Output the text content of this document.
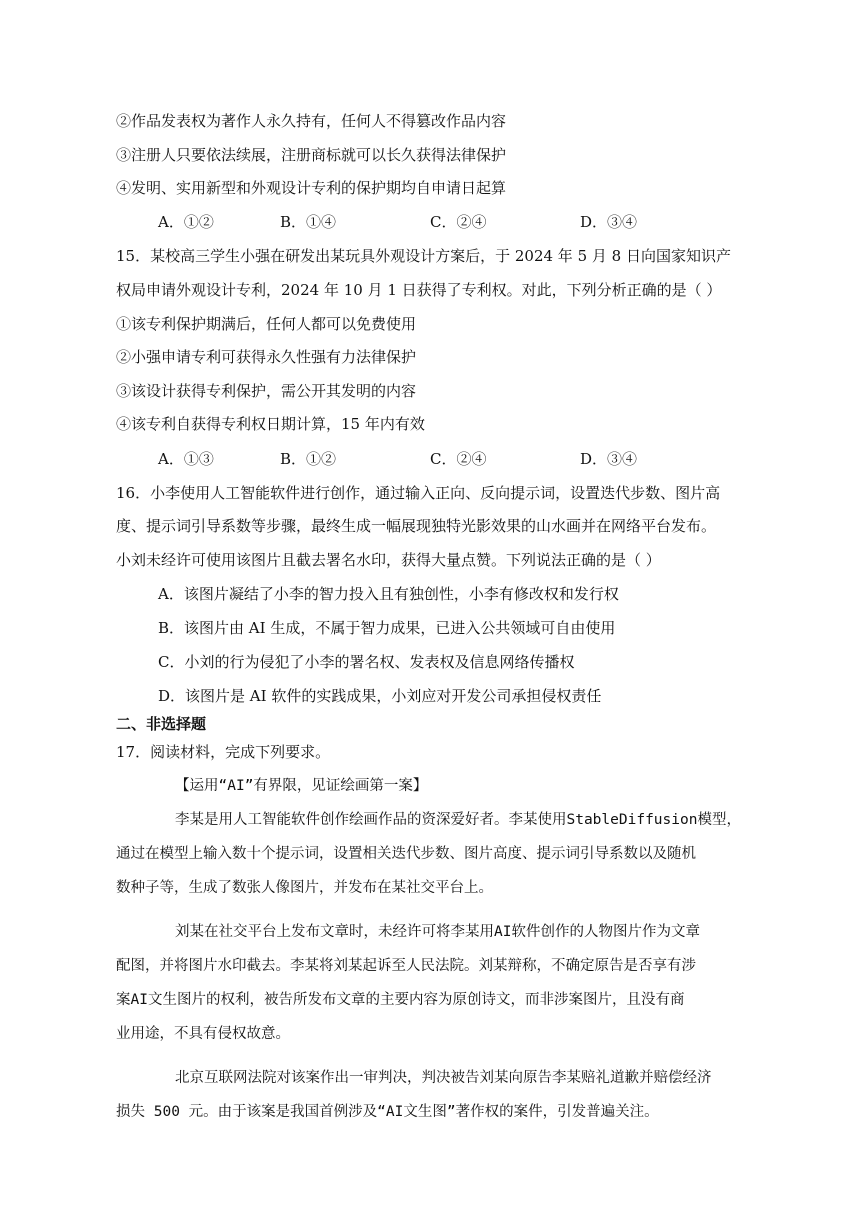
②作品发表权为著作人永久持有，任何人不得篡改作品内容
③注册人只要依法续展，注册商标就可以长久获得法律保护
④发明、实用新型和外观设计专利的保护期均自申请日起算
A．①②	B．①④	C．②④	D．③④
15．某校高三学生小强在研发出某玩具外观设计方案后，于 2024 年 5 月 8 日向国家知识产
权局申请外观设计专利，2024 年 10 月 1 日获得了专利权。对此，下列分析正确的是（ ）
①该专利保护期满后，任何人都可以免费使用
②小强申请专利可获得永久性强有力法律保护
③该设计获得专利保护，需公开其发明的内容
④该专利自获得专利权日期计算，15 年内有效
A．①③	B．①②	C．②④	D．③④
16．小李使用人工智能软件进行创作，通过输入正向、反向提示词，设置迭代步数、图片高
度、提示词引导系数等步骤，最终生成一幅展现独特光影效果的山水画并在网络平台发布。
小刘未经许可使用该图片且截去署名水印，获得大量点赞。下列说法正确的是（ ）
A．该图片凝结了小李的智力投入且有独创性，小李有修改权和发行权
B．该图片由 AI 生成，不属于智力成果，已进入公共领域可自由使用
C．小刘的行为侵犯了小李的署名权、发表权及信息网络传播权
D．该图片是 AI 软件的实践成果，小刘应对开发公司承担侵权责任
二、非选择题
17．阅读材料，完成下列要求。
【运用“AI”有界限，见证绘画第一案】
李某是用人工智能软件创作绘画作品的资深爱好者。李某使用StableDiffusion模型，
通过在模型上输入数十个提示词，设置相关迭代步数、图片高度、提示词引导系数以及随机
数种子等，生成了数张人像图片，并发布在某社交平台上。
刘某在社交平台上发布文章时，未经许可将李某用AI软件创作的人物图片作为文章
配图，并将图片水印截去。李某将刘某起诉至人民法院。刘某辩称，不确定原告是否享有涉
案AI文生图片的权利，被告所发布文章的主要内容为原创诗文，而非涉案图片，且没有商
业用途，不具有侵权故意。
北京互联网法院对该案作出一审判决，判决被告刘某向原告李某赔礼道歉并赔偿经济
损失 500 元。由于该案是我国首例涉及“AI文生图”著作权的案件，引发普遍关注。
